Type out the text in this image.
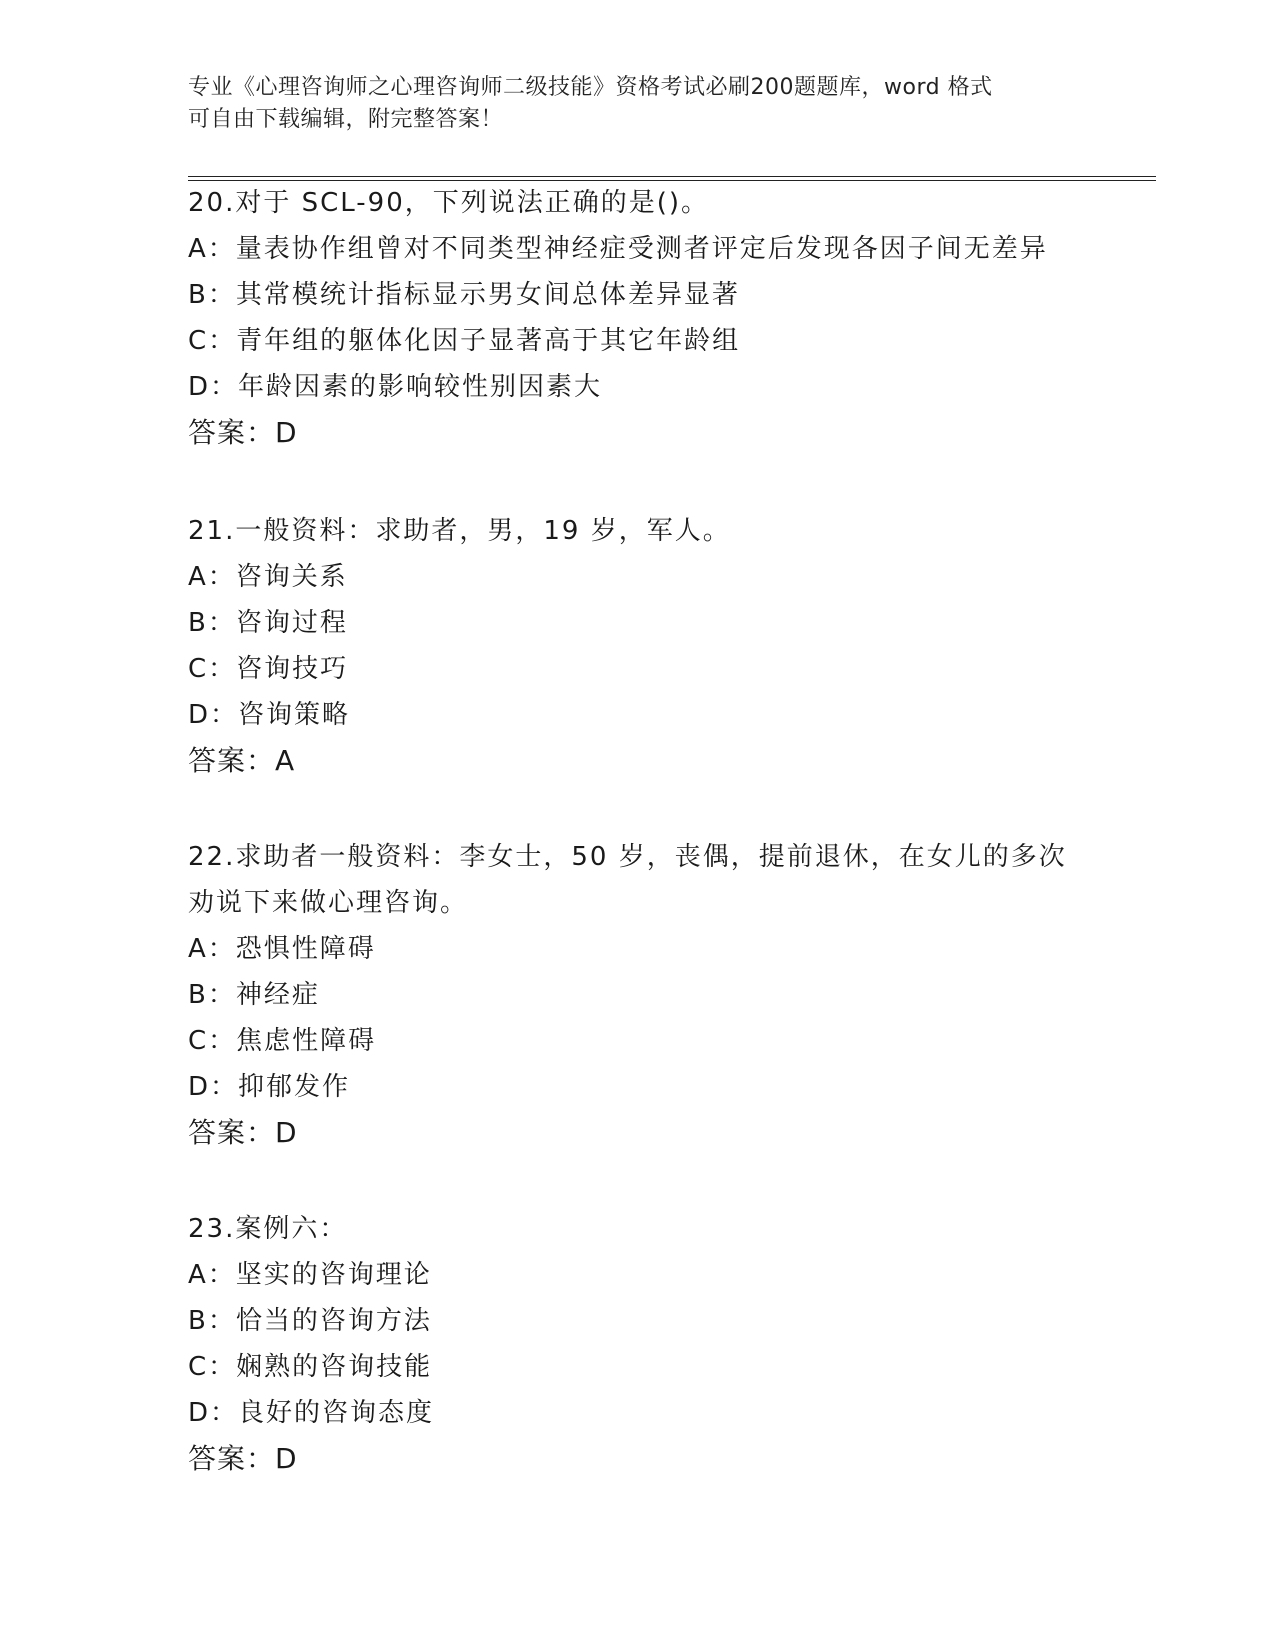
专业《心理咨询师之心理咨询师二级技能》资格考试必刷200题题库，word 格式
可自由下载编辑，附完整答案！

20.对于 SCL-90，下列说法正确的是()。

A：量表协作组曾对不同类型神经症受测者评定后发现各因子间无差异

B：其常模统计指标显示男女间总体差异显著

C：青年组的躯体化因子显著高于其它年龄组

D：年龄因素的影响较性别因素大

答案：D

21.一般资料：求助者，男，19 岁，军人。

A：咨询关系

B：咨询过程

C：咨询技巧

D：咨询策略

答案：A

22.求助者一般资料：李女士，50 岁，丧偶，提前退休，在女儿的多次劝说下来做心理咨询。

A：恐惧性障碍

B：神经症

C：焦虑性障碍

D：抑郁发作

答案：D

23.案例六：

A：坚实的咨询理论

B：恰当的咨询方法

C：娴熟的咨询技能

D：良好的咨询态度

答案：D
